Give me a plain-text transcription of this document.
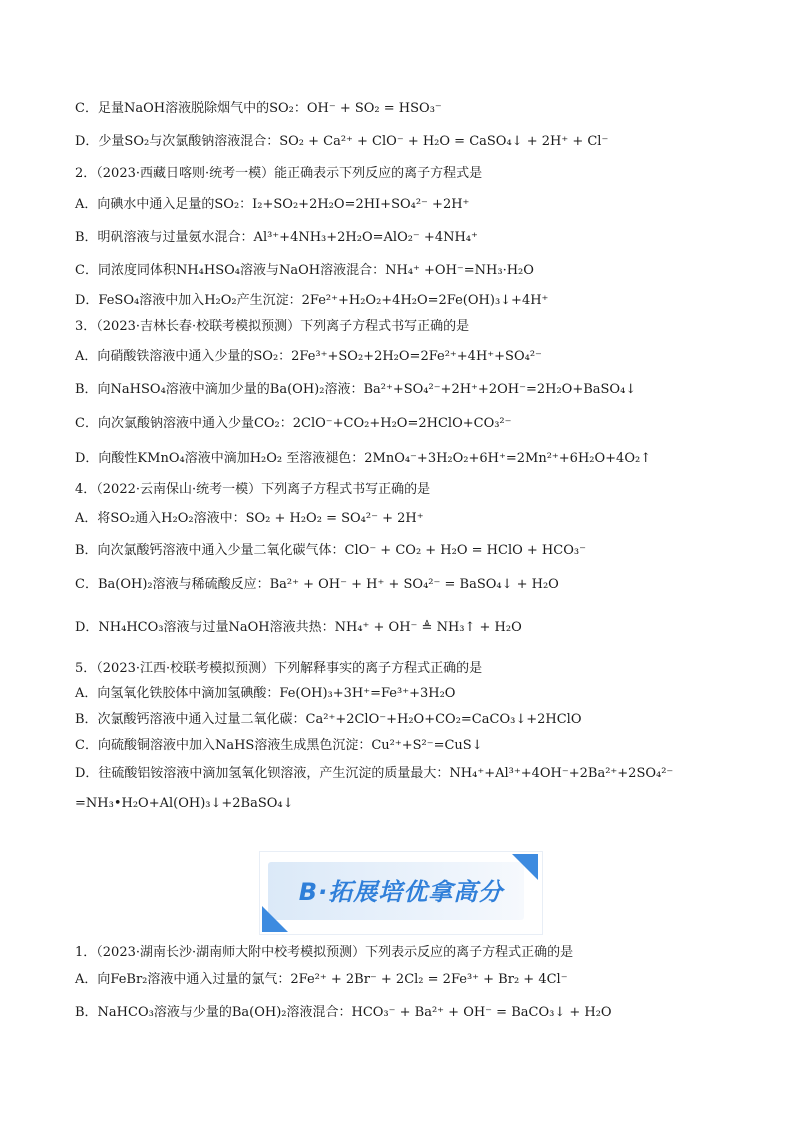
C．足量NaOH溶液脱除烟气中的SO₂：OH⁻ + SO₂ = HSO₃⁻
D．少量SO₂与次氯酸钠溶液混合：SO₂ + Ca²⁺ + ClO⁻ + H₂O = CaSO₄↓ + 2H⁺ + Cl⁻
2．（2023·西藏日喀则·统考一模）能正确表示下列反应的离子方程式是
A．向碘水中通入足量的SO₂：I₂+SO₂+2H₂O=2HI+SO₄²⁻ +2H⁺
B．明矾溶液与过量氨水混合：Al³⁺+4NH₃+2H₂O=AlO₂⁻ +4NH₄⁺
C．同浓度同体积NH₄HSO₄溶液与NaOH溶液混合：NH₄⁺ +OH⁻=NH₃·H₂O
D．FeSO₄溶液中加入H₂O₂产生沉淀：2Fe²⁺+H₂O₂+4H₂O=2Fe(OH)₃↓+4H⁺
3．（2023·吉林长春·校联考模拟预测）下列离子方程式书写正确的是
A．向硝酸铁溶液中通入少量的SO₂：2Fe³⁺+SO₂+2H₂O=2Fe²⁺+4H⁺+SO₄²⁻
B．向NaHSO₄溶液中滴加少量的Ba(OH)₂溶液：Ba²⁺+SO₄²⁻+2H⁺+2OH⁻=2H₂O+BaSO₄↓
C．向次氯酸钠溶液中通入少量CO₂：2ClO⁻+CO₂+H₂O=2HClO+CO₃²⁻
D．向酸性KMnO₄溶液中滴加H₂O₂ 至溶液褪色：2MnO₄⁻+3H₂O₂+6H⁺=2Mn²⁺+6H₂O+4O₂↑
4．（2022·云南保山·统考一模）下列离子方程式书写正确的是
A．将SO₂通入H₂O₂溶液中：SO₂ + H₂O₂ = SO₄²⁻ + 2H⁺
B．向次氯酸钙溶液中通入少量二氧化碳气体：ClO⁻ + CO₂ + H₂O = HClO + HCO₃⁻
C．Ba(OH)₂溶液与稀硫酸反应：Ba²⁺ + OH⁻ + H⁺ + SO₄²⁻ = BaSO₄↓ + H₂O
D．NH₄HCO₃溶液与过量NaOH溶液共热：NH₄⁺ + OH⁻ ≜ NH₃↑ + H₂O
5．（2023·江西·校联考模拟预测）下列解释事实的离子方程式正确的是
A．向氢氧化铁胶体中滴加氢碘酸：Fe(OH)₃+3H⁺=Fe³⁺+3H₂O
B．次氯酸钙溶液中通入过量二氧化碳：Ca²⁺+2ClO⁻+H₂O+CO₂=CaCO₃↓+2HClO
C．向硫酸铜溶液中加入NaHS溶液生成黑色沉淀：Cu²⁺+S²⁻=CuS↓
D．往硫酸铝铵溶液中滴加氢氧化钡溶液，产生沉淀的质量最大：NH₄⁺+Al³⁺+4OH⁻+2Ba²⁺+2SO₄²⁻
=NH₃•H₂O+Al(OH)₃↓+2BaSO₄↓
B·拓展培优拿高分
1．（2023·湖南长沙·湖南师大附中校考模拟预测）下列表示反应的离子方程式正确的是
A．向FeBr₂溶液中通入过量的氯气：2Fe²⁺ + 2Br⁻ + 2Cl₂ = 2Fe³⁺ + Br₂ + 4Cl⁻
B．NaHCO₃溶液与少量的Ba(OH)₂溶液混合：HCO₃⁻ + Ba²⁺ + OH⁻ = BaCO₃↓ + H₂O
